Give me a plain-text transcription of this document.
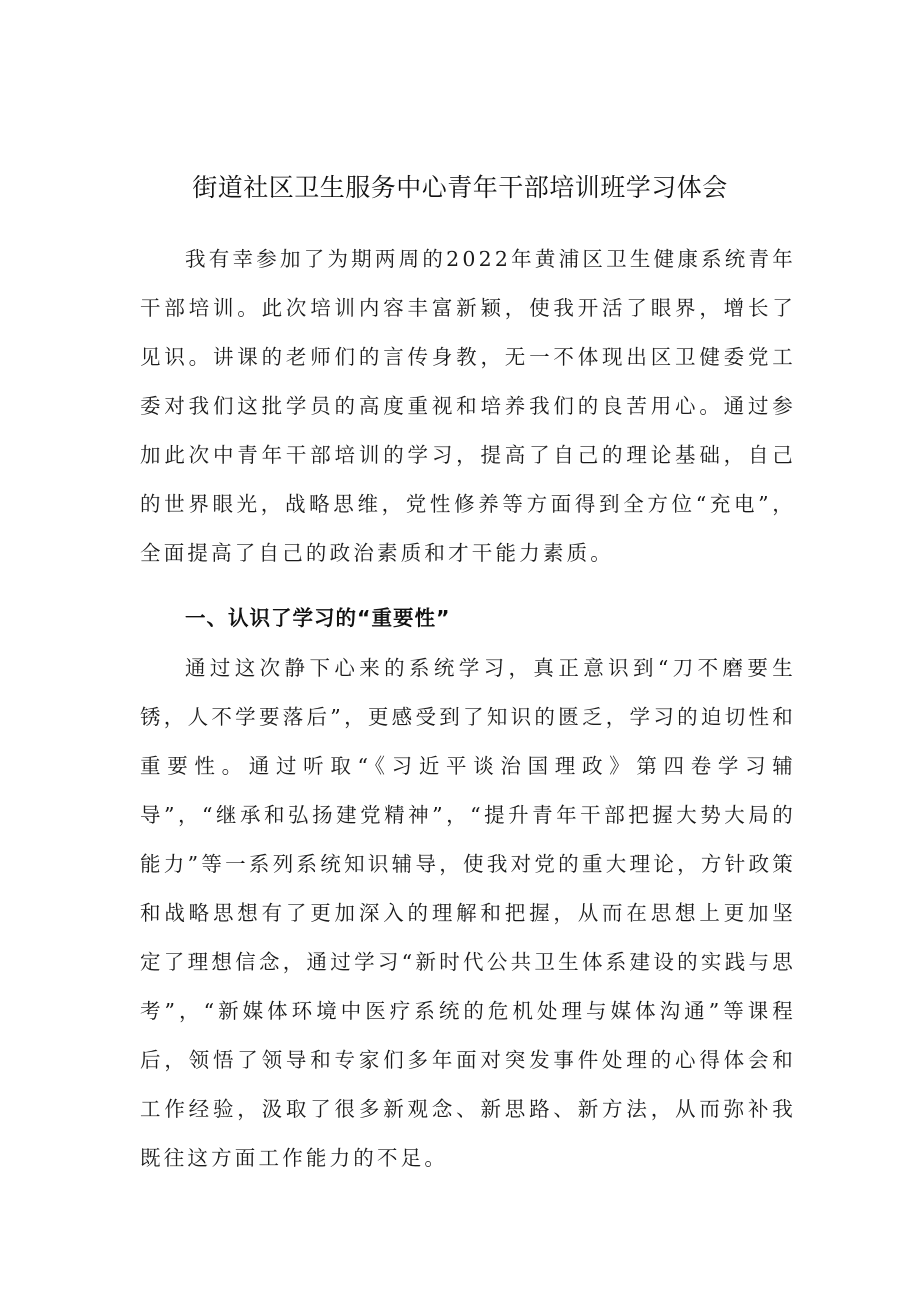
街道社区卫生服务中心青年干部培训班学习体会

我有幸参加了为期两周的2022年黄浦区卫生健康系统青年干部培训。此次培训内容丰富新颖，使我开活了眼界，增长了见识。讲课的老师们的言传身教，无一不体现出区卫健委党工委对我们这批学员的高度重视和培养我们的良苦用心。通过参加此次中青年干部培训的学习，提高了自己的理论基础，自己的世界眼光，战略思维，党性修养等方面得到全方位“充电”，全面提高了自己的政治素质和才干能力素质。

一、认识了学习的“重要性”

通过这次静下心来的系统学习，真正意识到“刀不磨要生锈，人不学要落后”，更感受到了知识的匮乏，学习的迫切性和重要性。通过听取“《习近平谈治国理政》第四卷学习辅导”，“继承和弘扬建党精神”，“提升青年干部把握大势大局的能力”等一系列系统知识辅导，使我对党的重大理论，方针政策和战略思想有了更加深入的理解和把握，从而在思想上更加坚定了理想信念，通过学习“新时代公共卫生体系建设的实践与思考”，“新媒体环境中医疗系统的危机处理与媒体沟通”等课程后，领悟了领导和专家们多年面对突发事件处理的心得体会和工作经验，汲取了很多新观念、新思路、新方法，从而弥补我既往这方面工作能力的不足。
